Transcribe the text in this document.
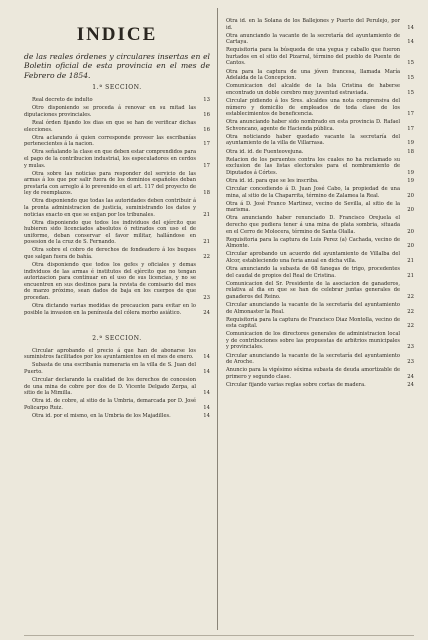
INDICE
de las reales órdenes y circulares insertas en el Boletin oficial de esta provincia en el mes de Febrero de 1854.
1.ª SECCION.
Real decreto de indulto	13
Otro disponiendo se proceda á renovar en su mitad las diputaciones provinciales.	16
Real órden fijando los dias en que se han de verificar dichas elecciones.	16
Otra aclarando á quien corresponde proveer las escribanías pertenecientes á la nacion.	17
Otra señalando la clase en que deben estar comprendidos para el pago de la contribucion industrial, los especuladores en cerdos y mulas.	17
Otra sobre las noticias para responder del servicio de las armas á los que por salir fuera de los dominios españoles deban prestarla con arreglo á lo prevenido en el art. 117 del proyecto de ley de reemplazos.	18
Otra disponiendo que todas las autoridades deben contribuir á la pronta administracion de justicia, suministrando los datos y noticias exacto en que se exijan por los tribunales.	21
Otra disponiendo que todos los individuos del ejército que hubieren sido licenciados absolutos ó retirados con uso el de uniforme, deban conservar el favor militar, hallándose en posesion de la cruz de S. Fernando.	21
Otra sobre el cobro de derechos de fondeadero á los buques que salgan fuera de bahía.	22
Otra disponiendo que todos los gefes y oficiales y demas individuos de las armas é institutos del ejército que no tengan autorizacion para continuar en el uso de sus licencias, y no se encuentren en sus destinos para la revista de comisario del mes de marzo próximo, sean dados de baja en los cuerpos de que procedan.	23
Otra dictando varias medidas de precaucion para evitar en lo posible la invasion en la península del cólera morbo asiático.	24
2.ª SECCION.
Circular aprobando el precio á que han de abonarse los suministros facilitados por los ayuntamientos en el mes de enero.	14
Subasta de una escribanía numeraria en la villa de S. Juan del Puerto.	14
Circular declarando la cualidad de los derechos de concesion de una mina de cobre por dos de D. Vicente Delgado Zerpa, al sitio de la Mimilla.	14
Otra id. de cobre, al sitio de la Umbria, demarcada por D. José Policarpo Ruiz.	14
Otra id. por el mismo, en la Umbria de los Majadilles.	14
Otra id. en la Solana de los Ballejones y Puerto del Perulejo, por id.	14
Otra anunciando la vacante de la secretaría del ayuntamiento de Cartaya.	14
Requisitoria para la búsqueda de una yegua y caballo que fueron hurtados en el sitio del Pizarral, término del pueblo de Puente de Cantos.	15
Otra para la captura de una jóven francesa, llamada María Adelaida de la Concepcion.	15
Comunicacion del alcalde de la Isla Cristina de haberse encontrado un doble cerebro muy juventud estraviada.	15
Circular pidiendo á los Sres. alcaldes una nota comprensiva del número y domicilio de empleados de toda clase de los establecimientos de beneficencia.	17
Otra anunciando haber sido nombrado en esta provincia D. Rafael Schvoncano, agente de Hacienda pública.	17
Otra noticiando haber quedado vacante la secretaría del ayuntamiento de la villa de Villarrasa.	19
Otra id. id. de Fuenteovejuna.	18
Relacion de los peruentes contra los cuales no ha reclamado su exclusion de las listas electorales para el nombramiento de Diputados á Córtes.	19
Otra id. id. para que se les inscriba.	19
Circular concediendo á D. Juan José Cabo, la propiedad de una mina, al sitio de la Chaparrita, término de Zalamea la Real.	20
Otra á D. José Franco Martinez, vecino de Sevilla, al sitio de la marisma.	20
Otra anunciando haber renunciado D. Francisco Orejuela el derecho que pudiera tener á una mina de plata sombria, situada en el Cerro de Molocera, término de Santa Olalla.	20
Requisitoria para la captura de Luis Perez (a) Cachada, vecino de Almonte.	20
Circular aprobando un acuerdo del ayuntamiento de Villalba del Alcor, estableciendo una feria anual en dicha villa.	21
Otra anunciando la subasta de 68 fanegas de trigo, procedentes del caudal de propios del Real de Cristina.	21
Comunicacion del Sr. Presidente de la asociacion de ganaderos, relativa al dia en que se han de celebrar juntas generales de ganaderos del Reino.	22
Circular anunciando la vacante de la secretaría del ayuntamiento de Almonaster la Real.	22
Requisitoria para la captura de Francisco Diaz Montolla, vecino de esta capital.	22
Comunicacion de los directores generales de administracion local y de contribuciones sobre las propuestas de arbitrios municipales y provinciales.	23
Circular anunciando la vacante de la secretaría del ayuntamiento de Aroche.	23
Anuncio para la vigésimo séxima subasta de deuda amortizable de primero y segundo clase.	24
Circular fijando varias reglas sobre cortas de madera.	24
